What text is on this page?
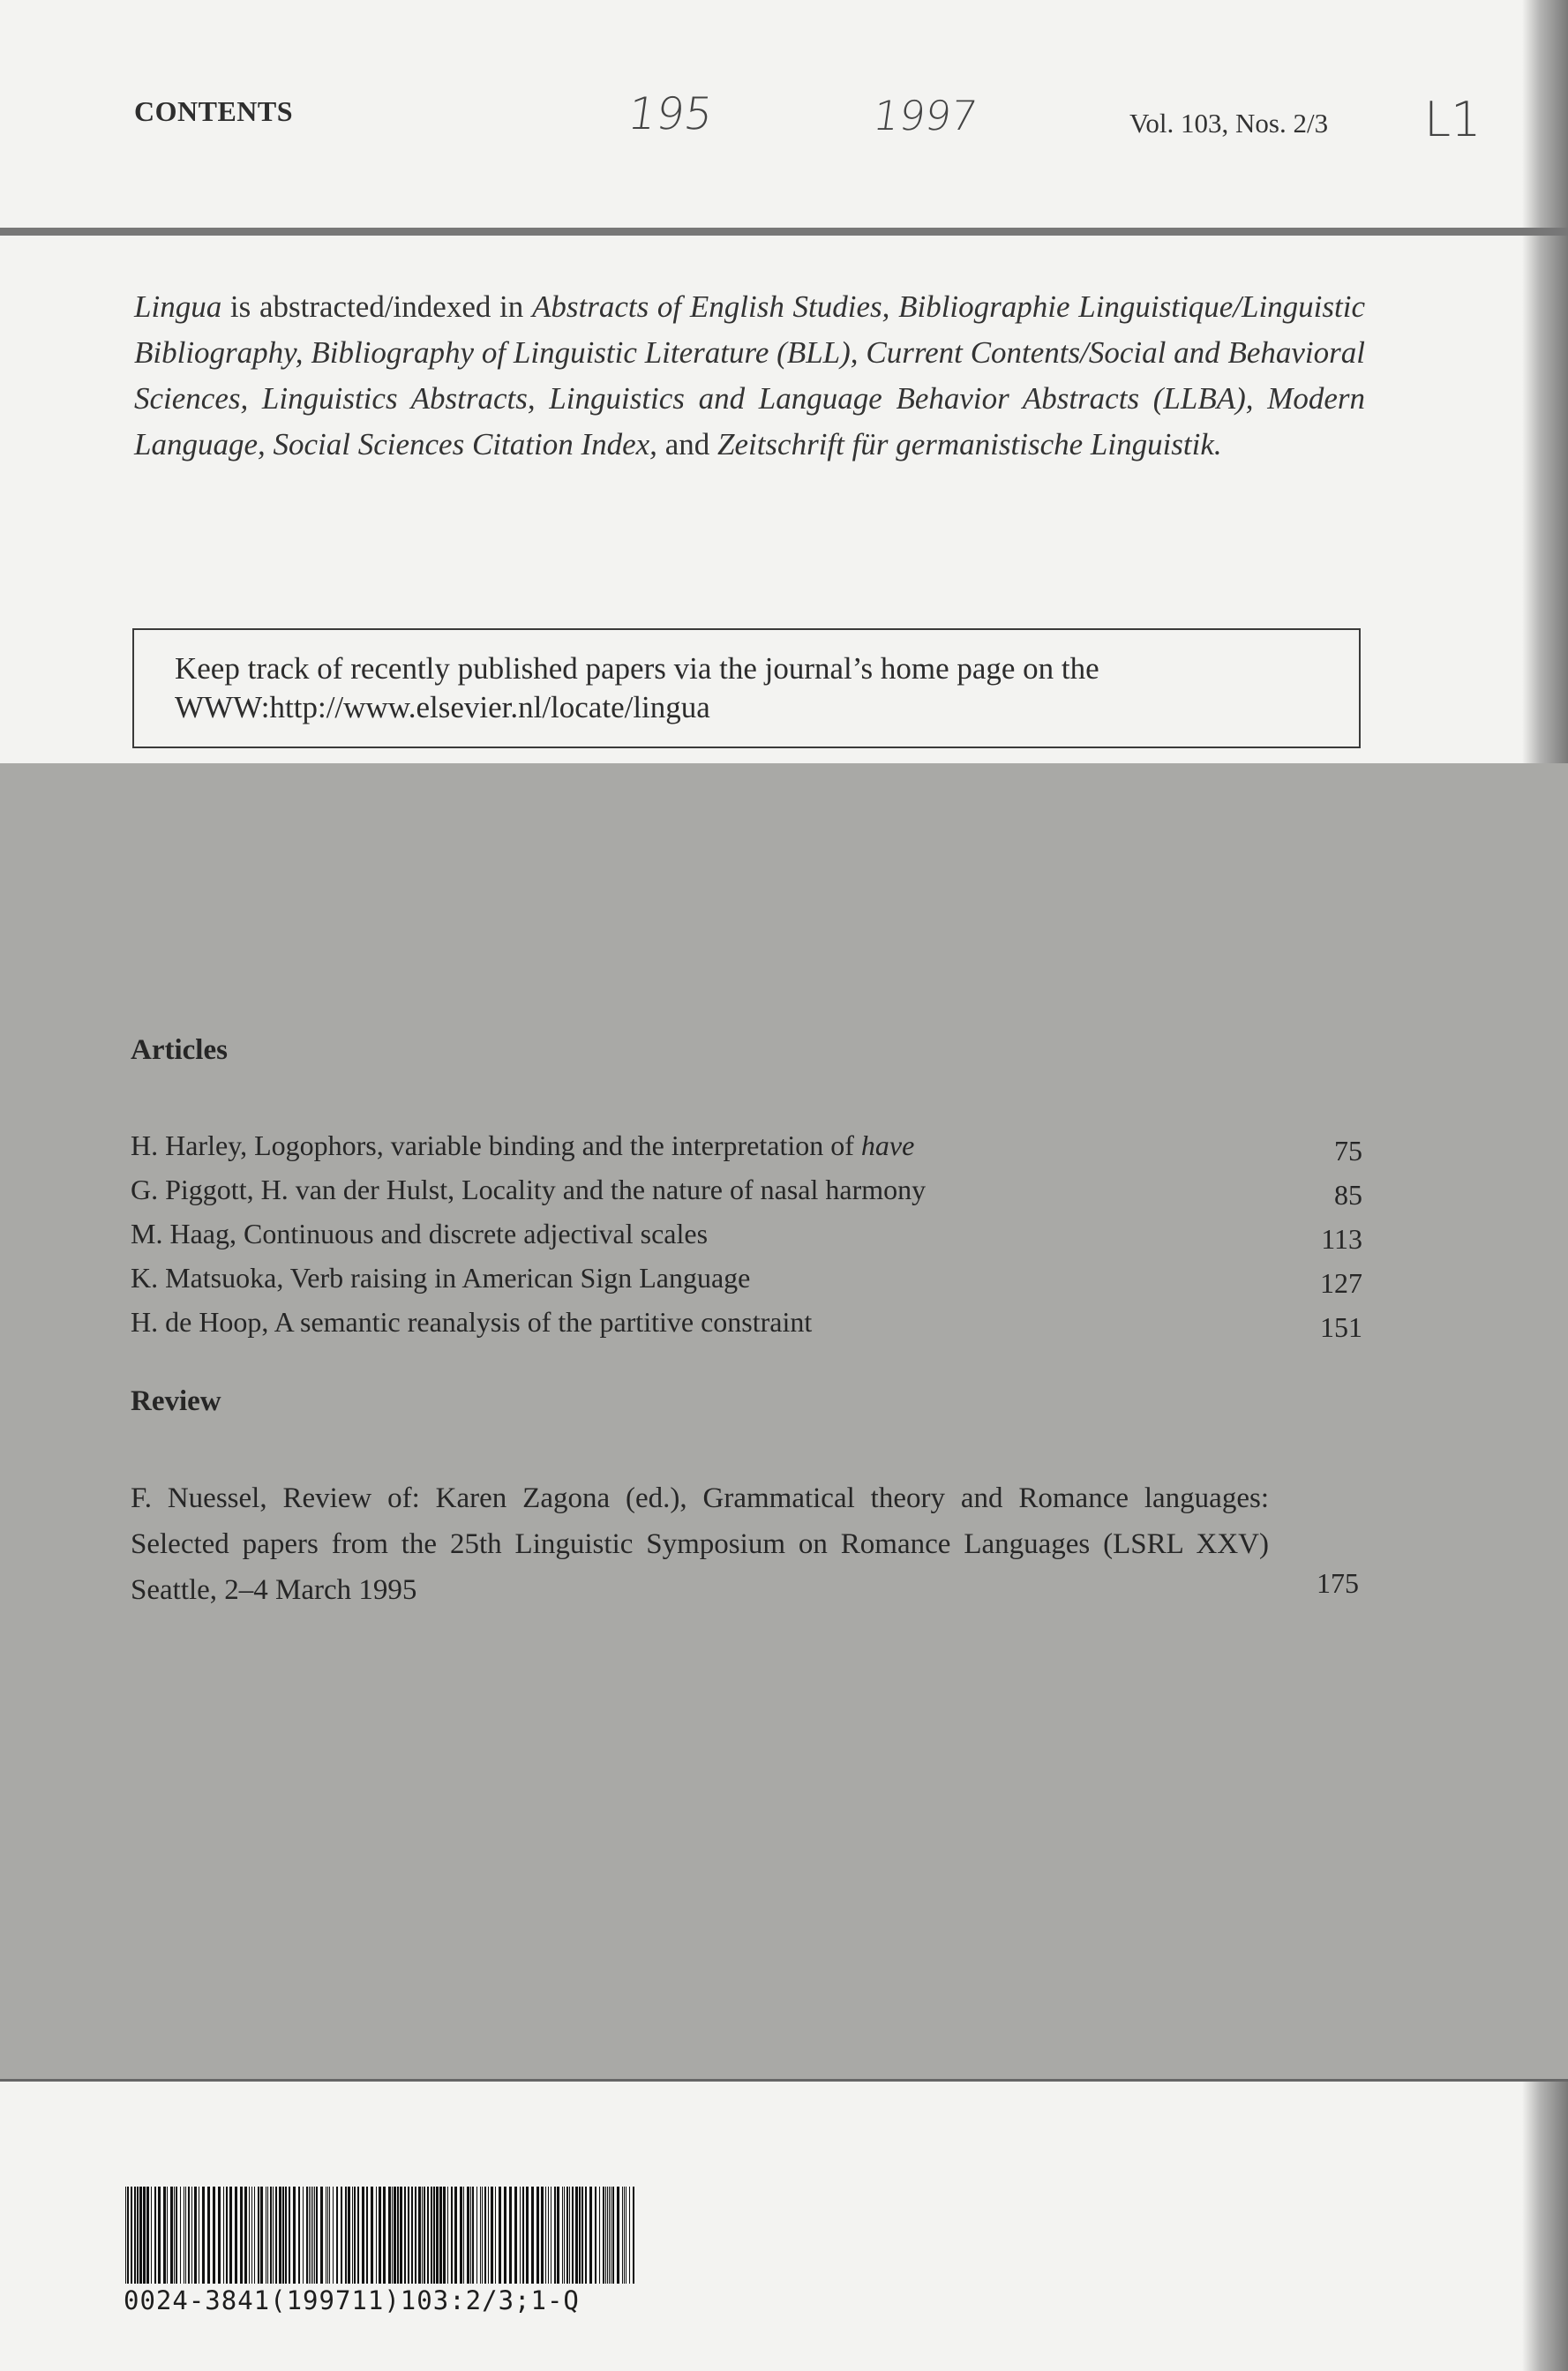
CONTENTS	195	1997	Vol. 103, Nos. 2/3 L1

Lingua is abstracted/indexed in Abstracts of English Studies, Bibliographie Linguistique/Linguistic Bibliography, Bibliography of Linguistic Literature (BLL), Current Contents/Social and Behavioral Sciences, Linguistics Abstracts, Linguistics and Language Behavior Abstracts (LLBA), Modern Language, Social Sciences Citation Index, and Zeitschrift für germanistische Linguistik.

Keep track of recently published papers via the journal’s home page on the
WWW:http://www.elsevier.nl/locate/lingua
Articles
H. Harley, Logophors, variable binding and the interpretation of have	75
G. Piggott, H. van der Hulst, Locality and the nature of nasal harmony	85
M. Haag, Continuous and discrete adjectival scales	113
K. Matsuoka, Verb raising in American Sign Language	127
H. de Hoop, A semantic reanalysis of the partitive constraint	151
Review
F. Nuessel, Review of: Karen Zagona (ed.), Grammatical theory and Romance languages: Selected papers from the 25th Linguistic Symposium on Romance Languages (LSRL XXV) Seattle, 2–4 March 1995	175
0024-3841(199711)103:2/3;1-Q
